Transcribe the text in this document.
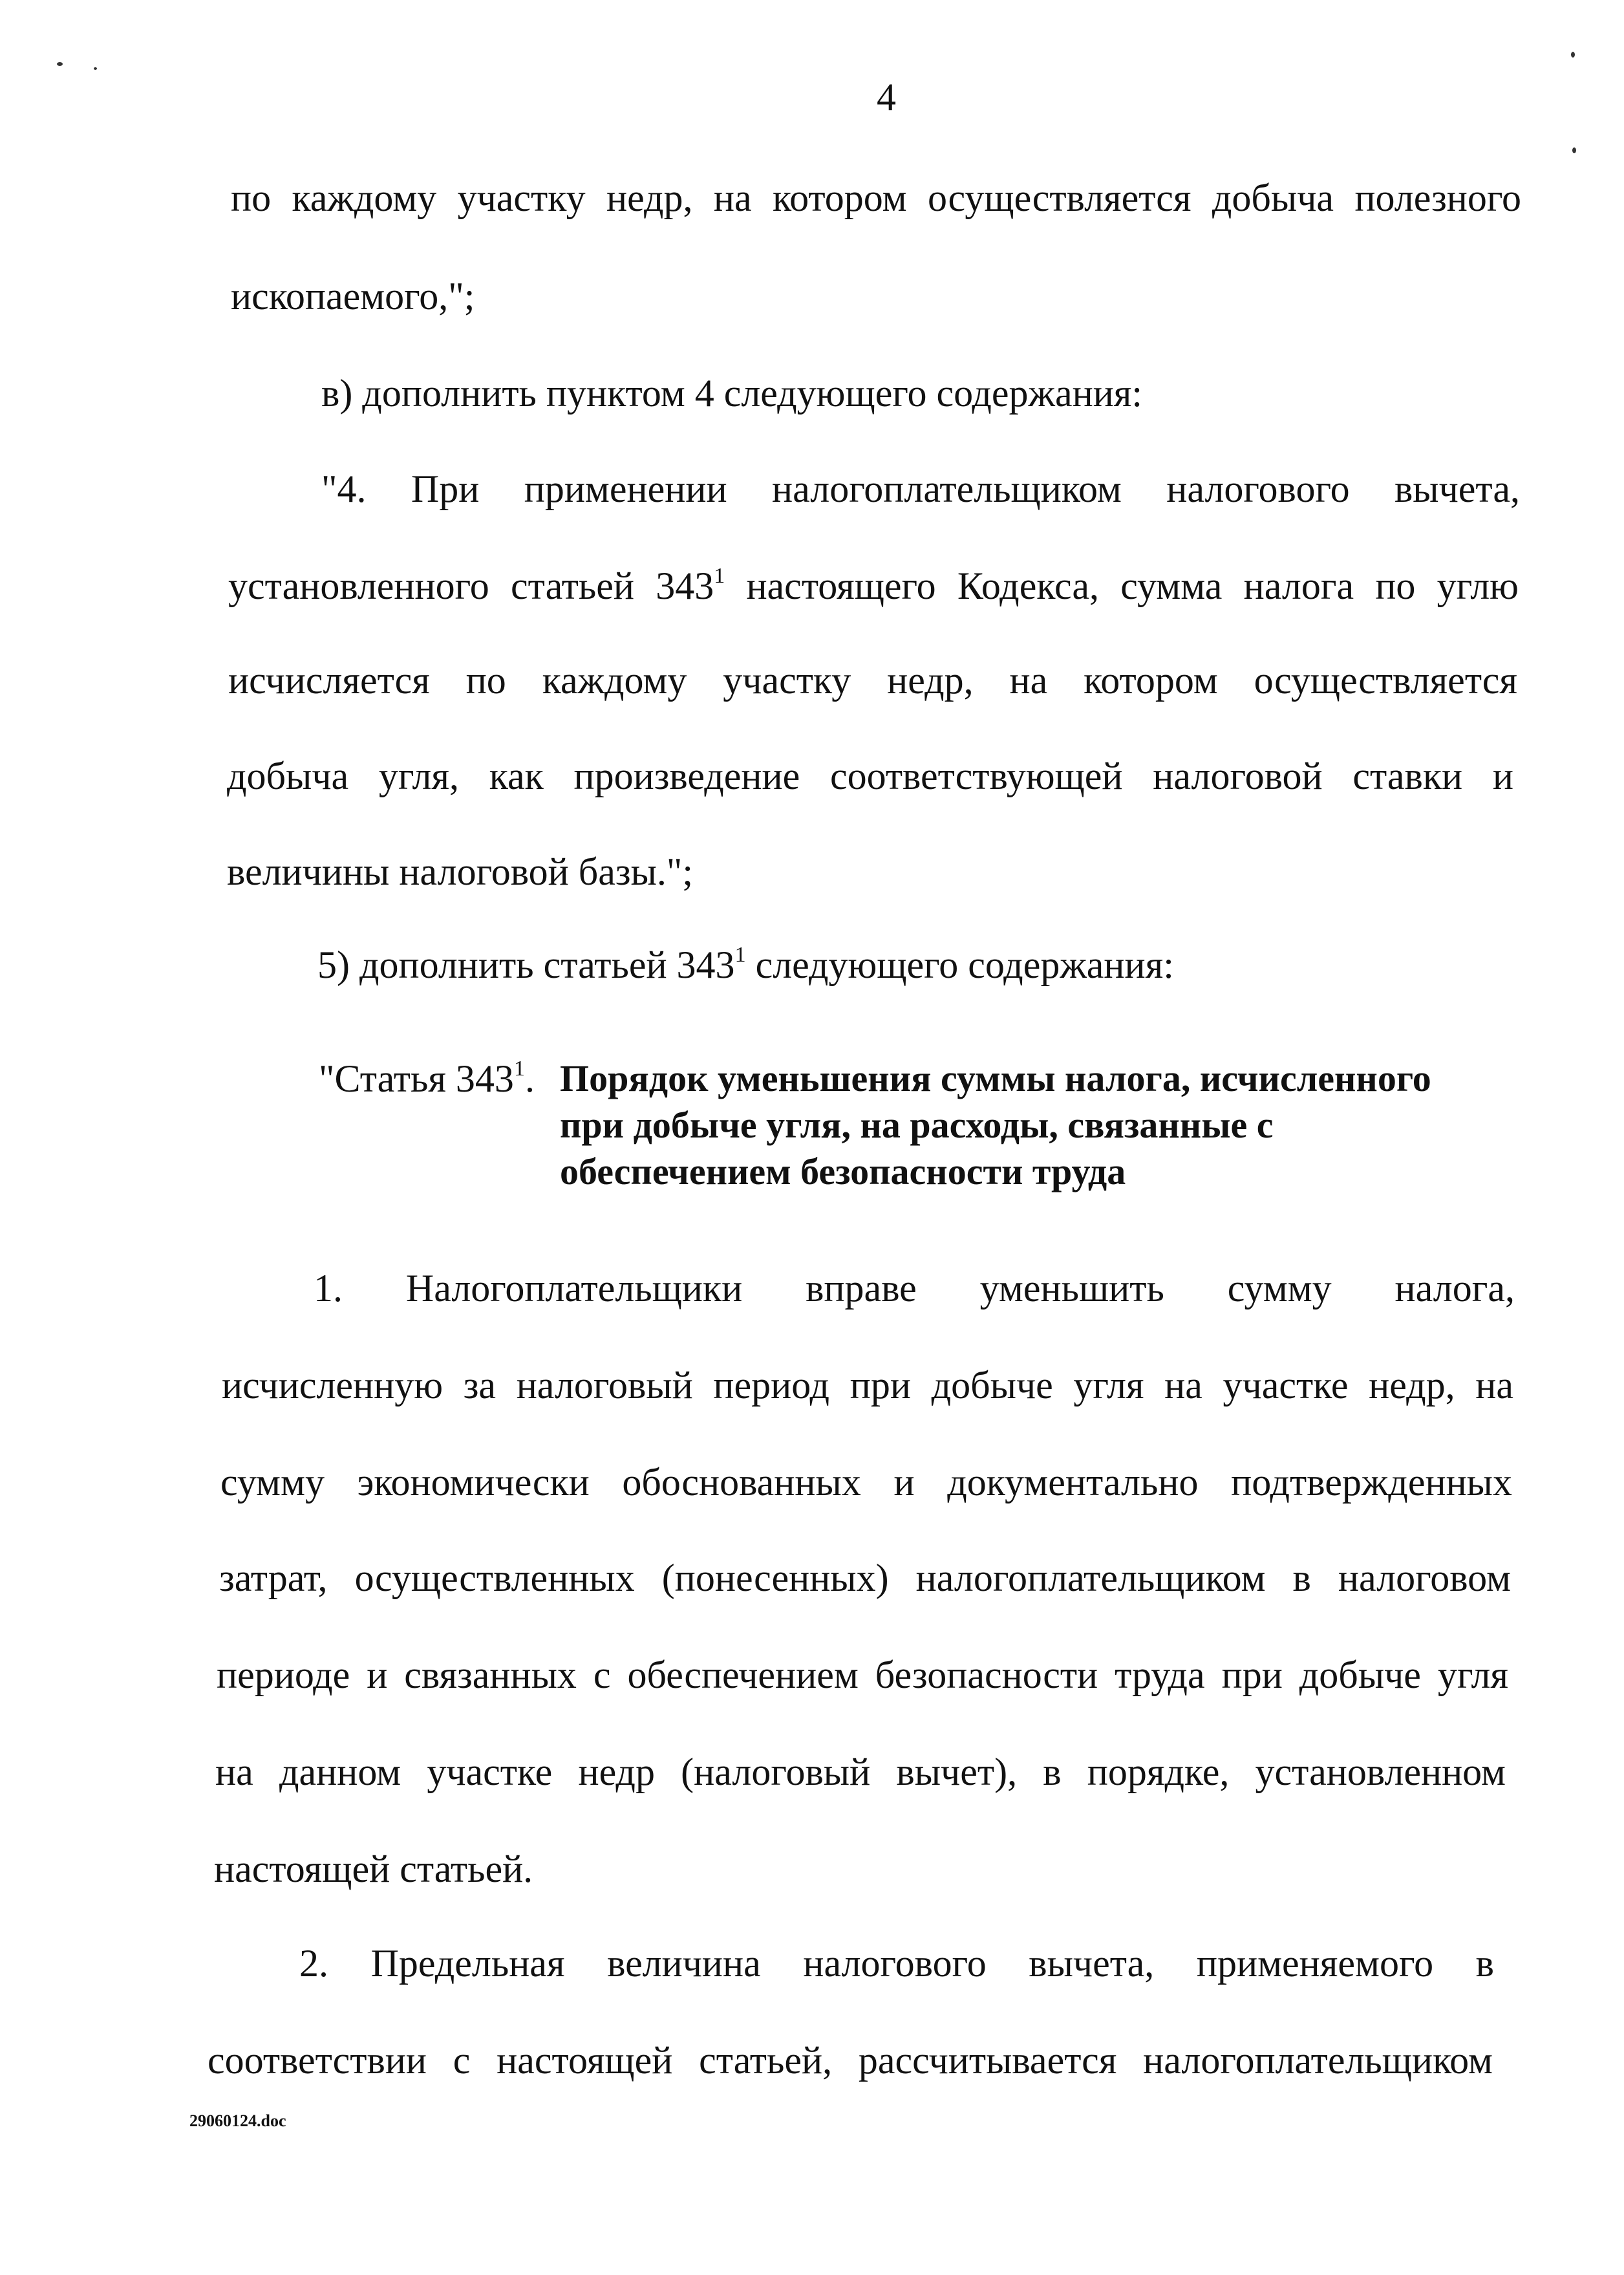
4
по каждому участку недр, на котором осуществляется добыча полезного
ископаемого,";
в) дополнить пунктом 4 следующего содержания:
"4. При применении налогоплательщиком налогового вычета,
установленного статьей $343^1$ настоящего Кодекса, сумма налога по углю
исчисляется по каждому участку недр, на котором осуществляется
добыча угля, как произведение соответствующей налоговой ставки и
величины налоговой базы.";
5) дополнить статьей $343^1$ следующего содержания:
"Статья $343^1$. Порядок уменьшения суммы налога, исчисленного
при добыче угля, на расходы, связанные с
обеспечением безопасности труда
1. Налогоплательщики вправе уменьшить сумму налога,
исчисленную за налоговый период при добыче угля на участке недр, на
сумму экономически обоснованных и документально подтвержденных
затрат, осуществленных (понесенных) налогоплательщиком в налоговом
периоде и связанных с обеспечением безопасности труда при добыче угля
на данном участке недр (налоговый вычет), в порядке, установленном
настоящей статьей.
2. Предельная величина налогового вычета, применяемого в
соответствии с настоящей статьей, рассчитывается налогоплательщиком
29060124.doc
